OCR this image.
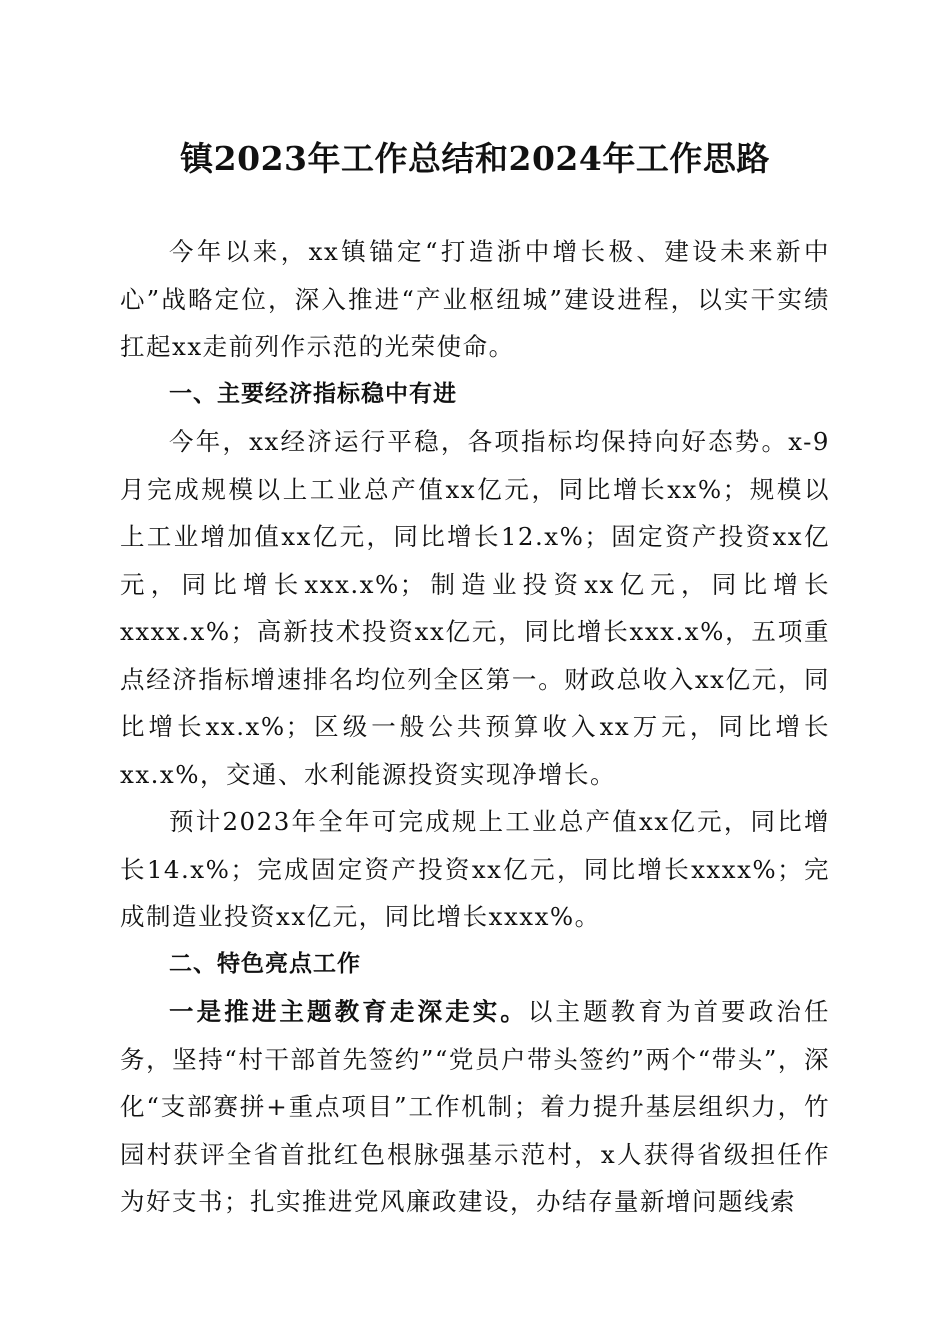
镇2023年工作总结和2024年工作思路

今年以来，xx镇锚定“打造浙中增长极、建设未来新中心”战略定位，深入推进“产业枢纽城”建设进程，以实干实绩扛起xx走前列作示范的光荣使命。

一、主要经济指标稳中有进

今年，xx经济运行平稳，各项指标均保持向好态势。x-9月完成规模以上工业总产值xx亿元，同比增长xx%；规模以上工业增加值xx亿元，同比增长12.x%；固定资产投资xx亿元，同比增长xxx.x%；制造业投资xx亿元，同比增长xxxx.x%；高新技术投资xx亿元，同比增长xxx.x%，五项重点经济指标增速排名均位列全区第一。财政总收入xx亿元，同比增长xx.x%；区级一般公共预算收入xx万元，同比增长xx.x%，交通、水利能源投资实现净增长。

预计2023年全年可完成规上工业总产值xx亿元，同比增长14.x%；完成固定资产投资xx亿元，同比增长xxxx%；完成制造业投资xx亿元，同比增长xxxx%。

二、特色亮点工作

一是推进主题教育走深走实。以主题教育为首要政治任务，坚持“村干部首先签约”“党员户带头签约”两个“带头”，深化“支部赛拼+重点项目”工作机制；着力提升基层组织力，竹园村获评全省首批红色根脉强基示范村，x人获得省级担任作为好支书；扎实推进党风廉政建设，办结存量新增问题线索
